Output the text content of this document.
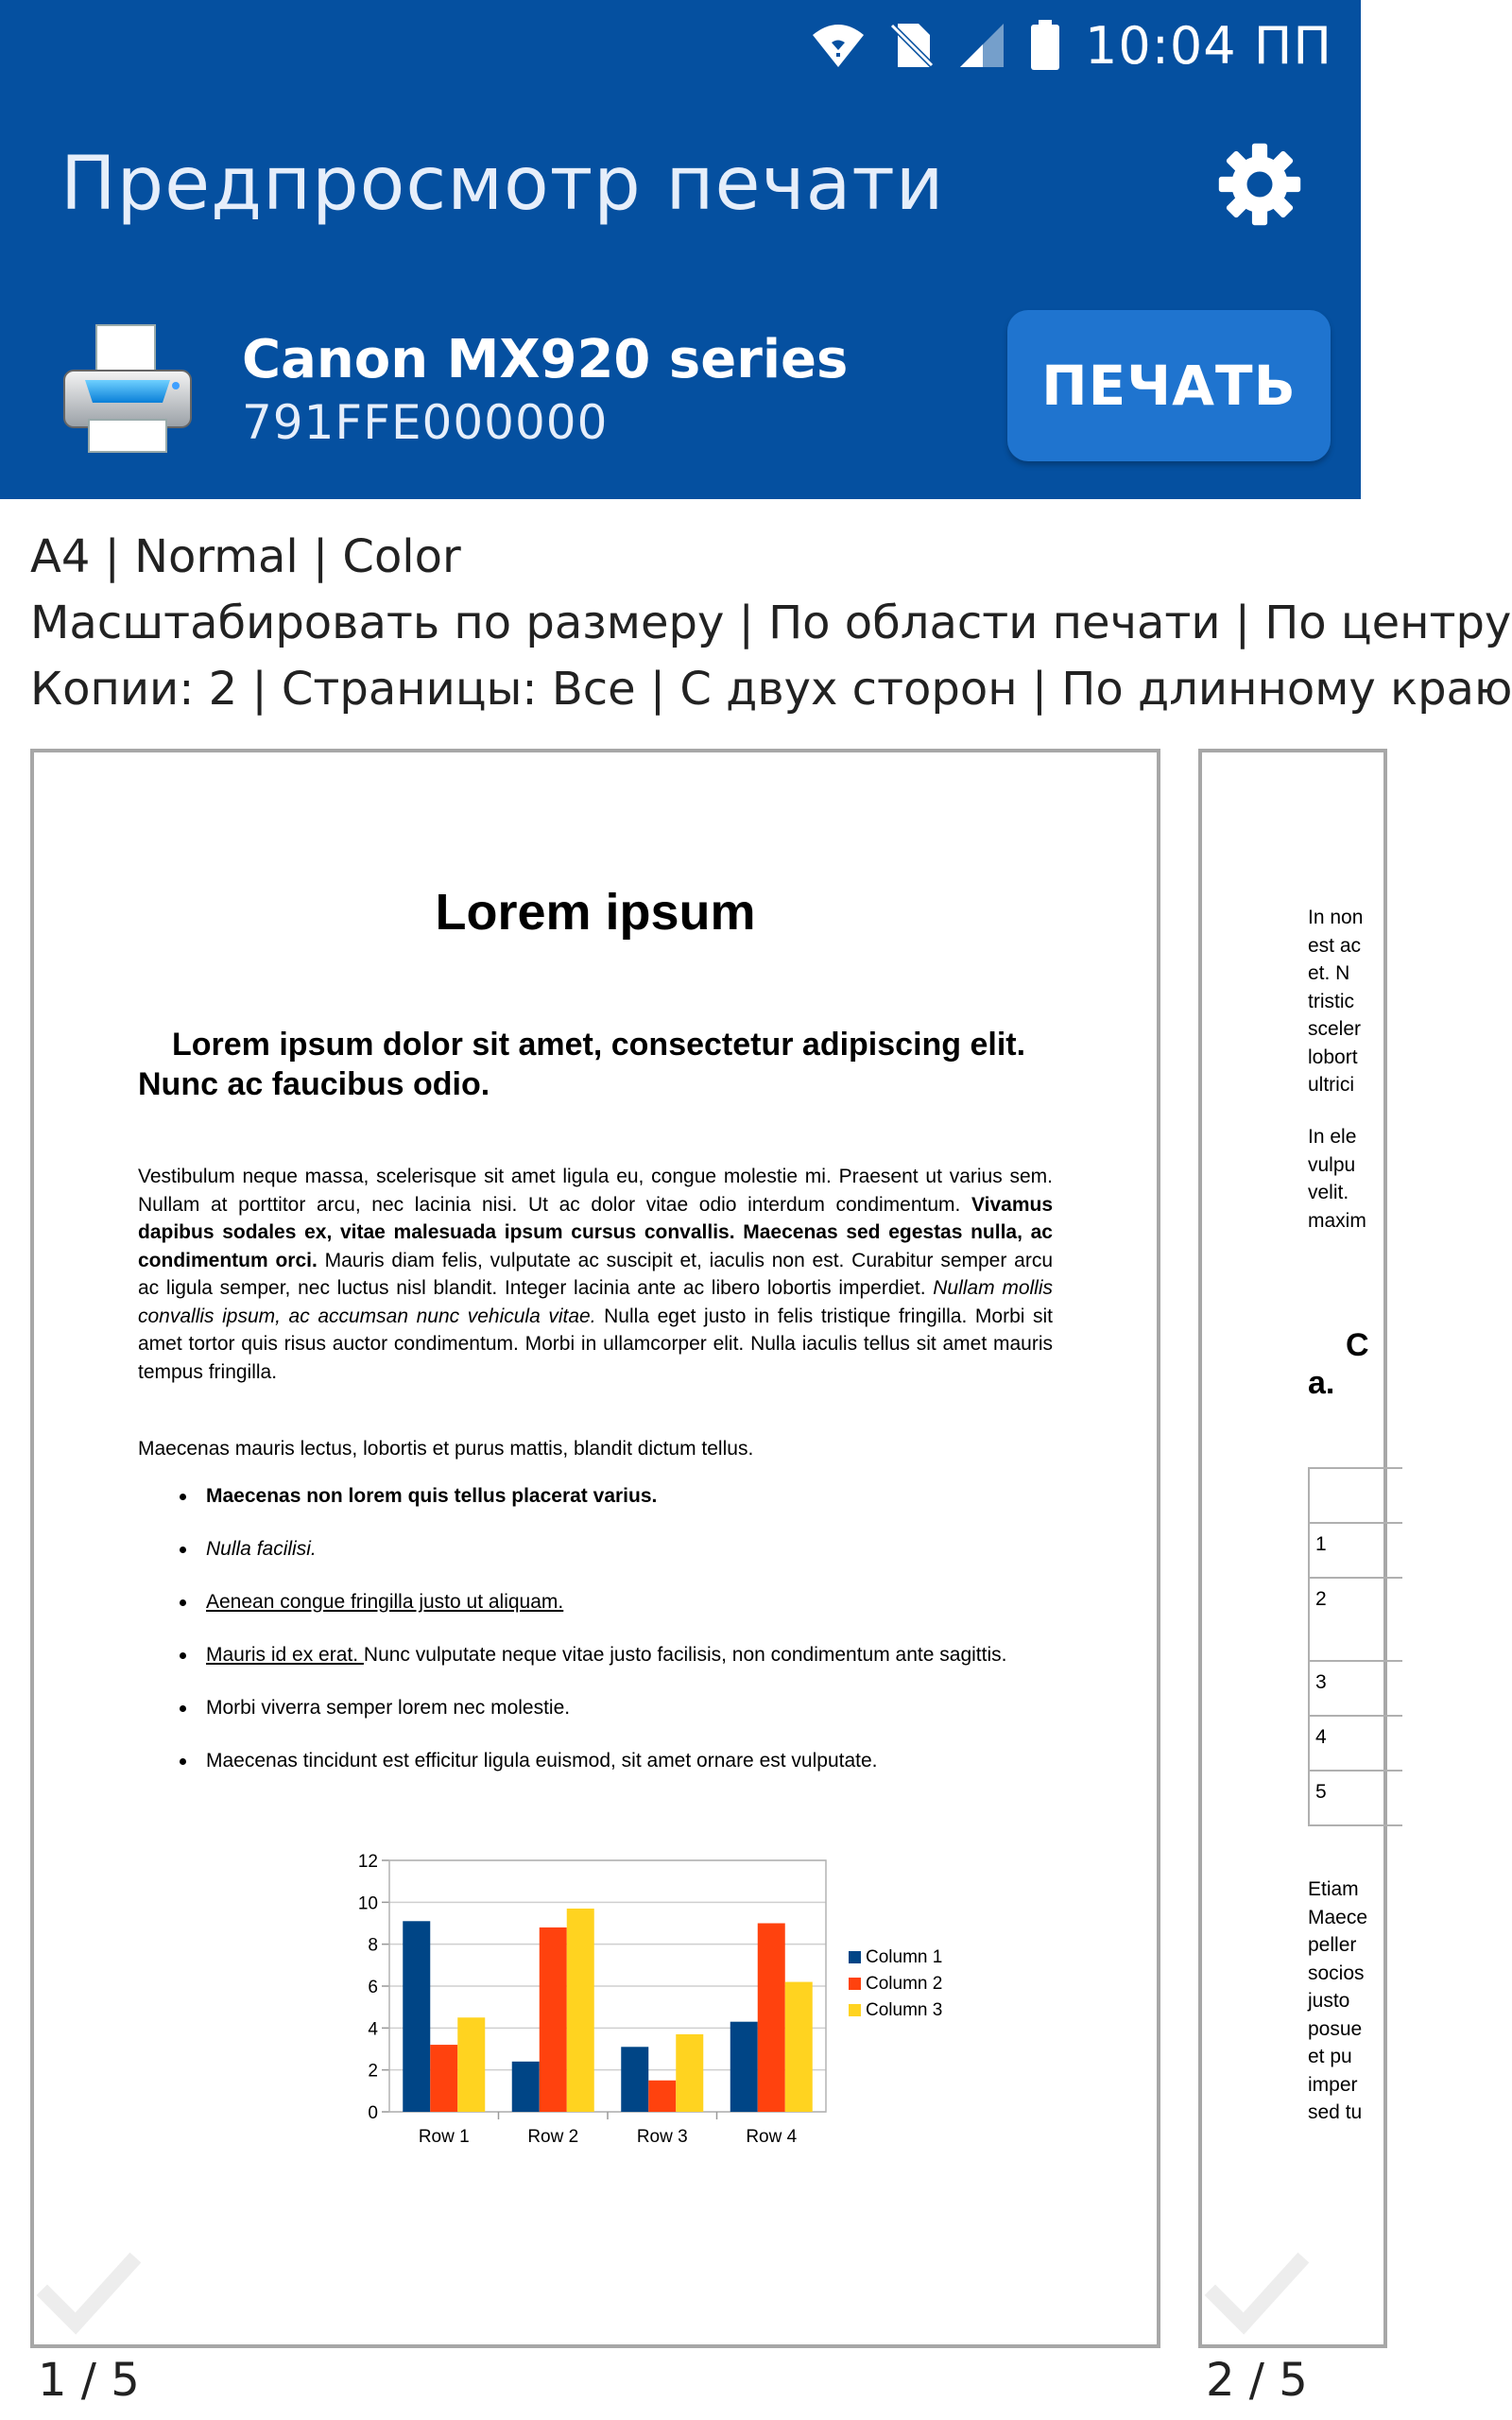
10:04 ПП
Предпросмотр печати
Canon MX920 series
791FFE000000
ПЕЧАТЬ
A4 | Normal | Color
Масштабировать по размеру | По области печати | По центру
Копии: 2 | Страницы: Все | С двух сторон | По длинному краю
Lorem ipsum
Lorem ipsum dolor sit amet, consectetur adipiscing elit. Nunc ac faucibus odio.
Vestibulum neque massa, scelerisque sit amet ligula eu, congue molestie mi. Praesent ut varius sem. Nullam at porttitor arcu, nec lacinia nisi. Ut ac dolor vitae odio interdum condimentum. Vivamus dapibus sodales ex, vitae malesuada ipsum cursus convallis. Maecenas sed egestas nulla, ac condimentum orci. Mauris diam felis, vulputate ac suscipit et, iaculis non est. Curabitur semper arcu ac ligula semper, nec luctus nisl blandit. Integer lacinia ante ac libero lobortis imperdiet. Nullam mollis convallis ipsum, ac accumsan nunc vehicula vitae. Nulla eget justo in felis tristique fringilla. Morbi sit amet tortor quis risus auctor condimentum. Morbi in ullamcorper elit. Nulla iaculis tellus sit amet mauris tempus fringilla.
Maecenas mauris lectus, lobortis et purus mattis, blandit dictum tellus.
Maecenas non lorem quis tellus placerat varius.
Nulla facilisi.
Aenean congue fringilla justo ut aliquam.
Mauris id ex erat. Nunc vulputate neque vitae justo facilisis, non condimentum ante sagittis.
Morbi viverra semper lorem nec molestie.
Maecenas tincidunt est efficitur ligula euismod, sit amet ornare est vulputate.
0
2
4
6
8
10
12
Row 1	Row 2	Row 3	Row 4
Column 1
Column 2
Column 3
In non
est ac
et. N
tristic
sceler
lobort
ultrici
In ele
vulpu
velit.
maxim
C
a.
1
2
3
4
5
Etiam
Maece
peller
socios
justo
posue
et pu
imper
sed tu
1 / 5	2 / 5
